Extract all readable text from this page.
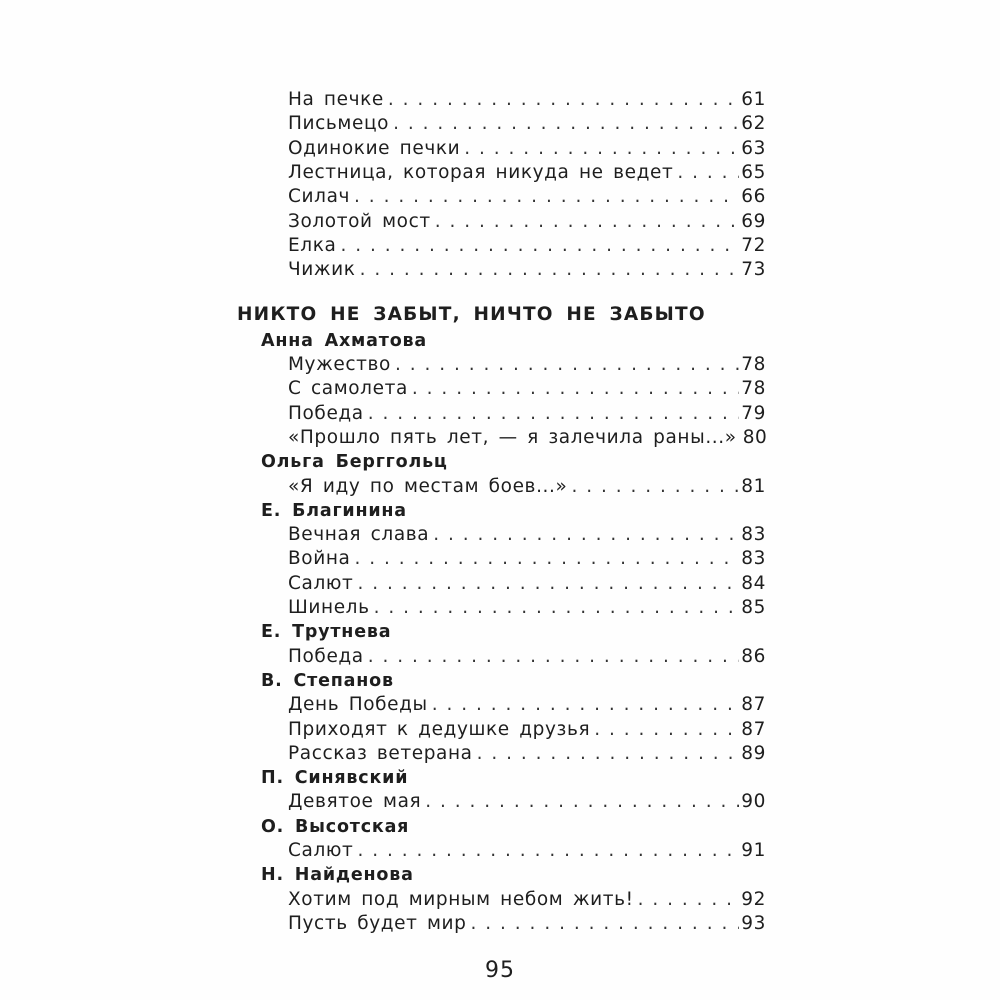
На печке . . .	61
Письмецо . . .	62
Одинокие печки . . .	63
Лестница, которая никуда не ведет . . .	65
Силач . . .	66
Золотой мост . . .	69
Елка . . .	72
Чижик . . .	73
НИКТО НЕ ЗАБЫТ, НИЧТО НЕ ЗАБЫТО
Анна Ахматова
Мужество . . .	78
С самолета . . .	78
Победа . . .	79
«Прошло пять лет, — я залечила раны...» 80
Ольга Берггольц
«Я иду по местам боев...» . . .	81
Е. Благинина
Вечная слава . . .	83
Война . . .	83
Салют . . .	84
Шинель . . .	85
Е. Трутнева
Победа . . .	86
В. Степанов
День Победы . . .	87
Приходят к дедушке друзья . . .	87
Рассказ ветерана . . .	89
П. Синявский
Девятое мая . . .	90
О. Высотская
Салют . . .	91
Н. Найденова
Хотим под мирным небом жить! . . .	92
Пусть будет мир . . .	93
95
